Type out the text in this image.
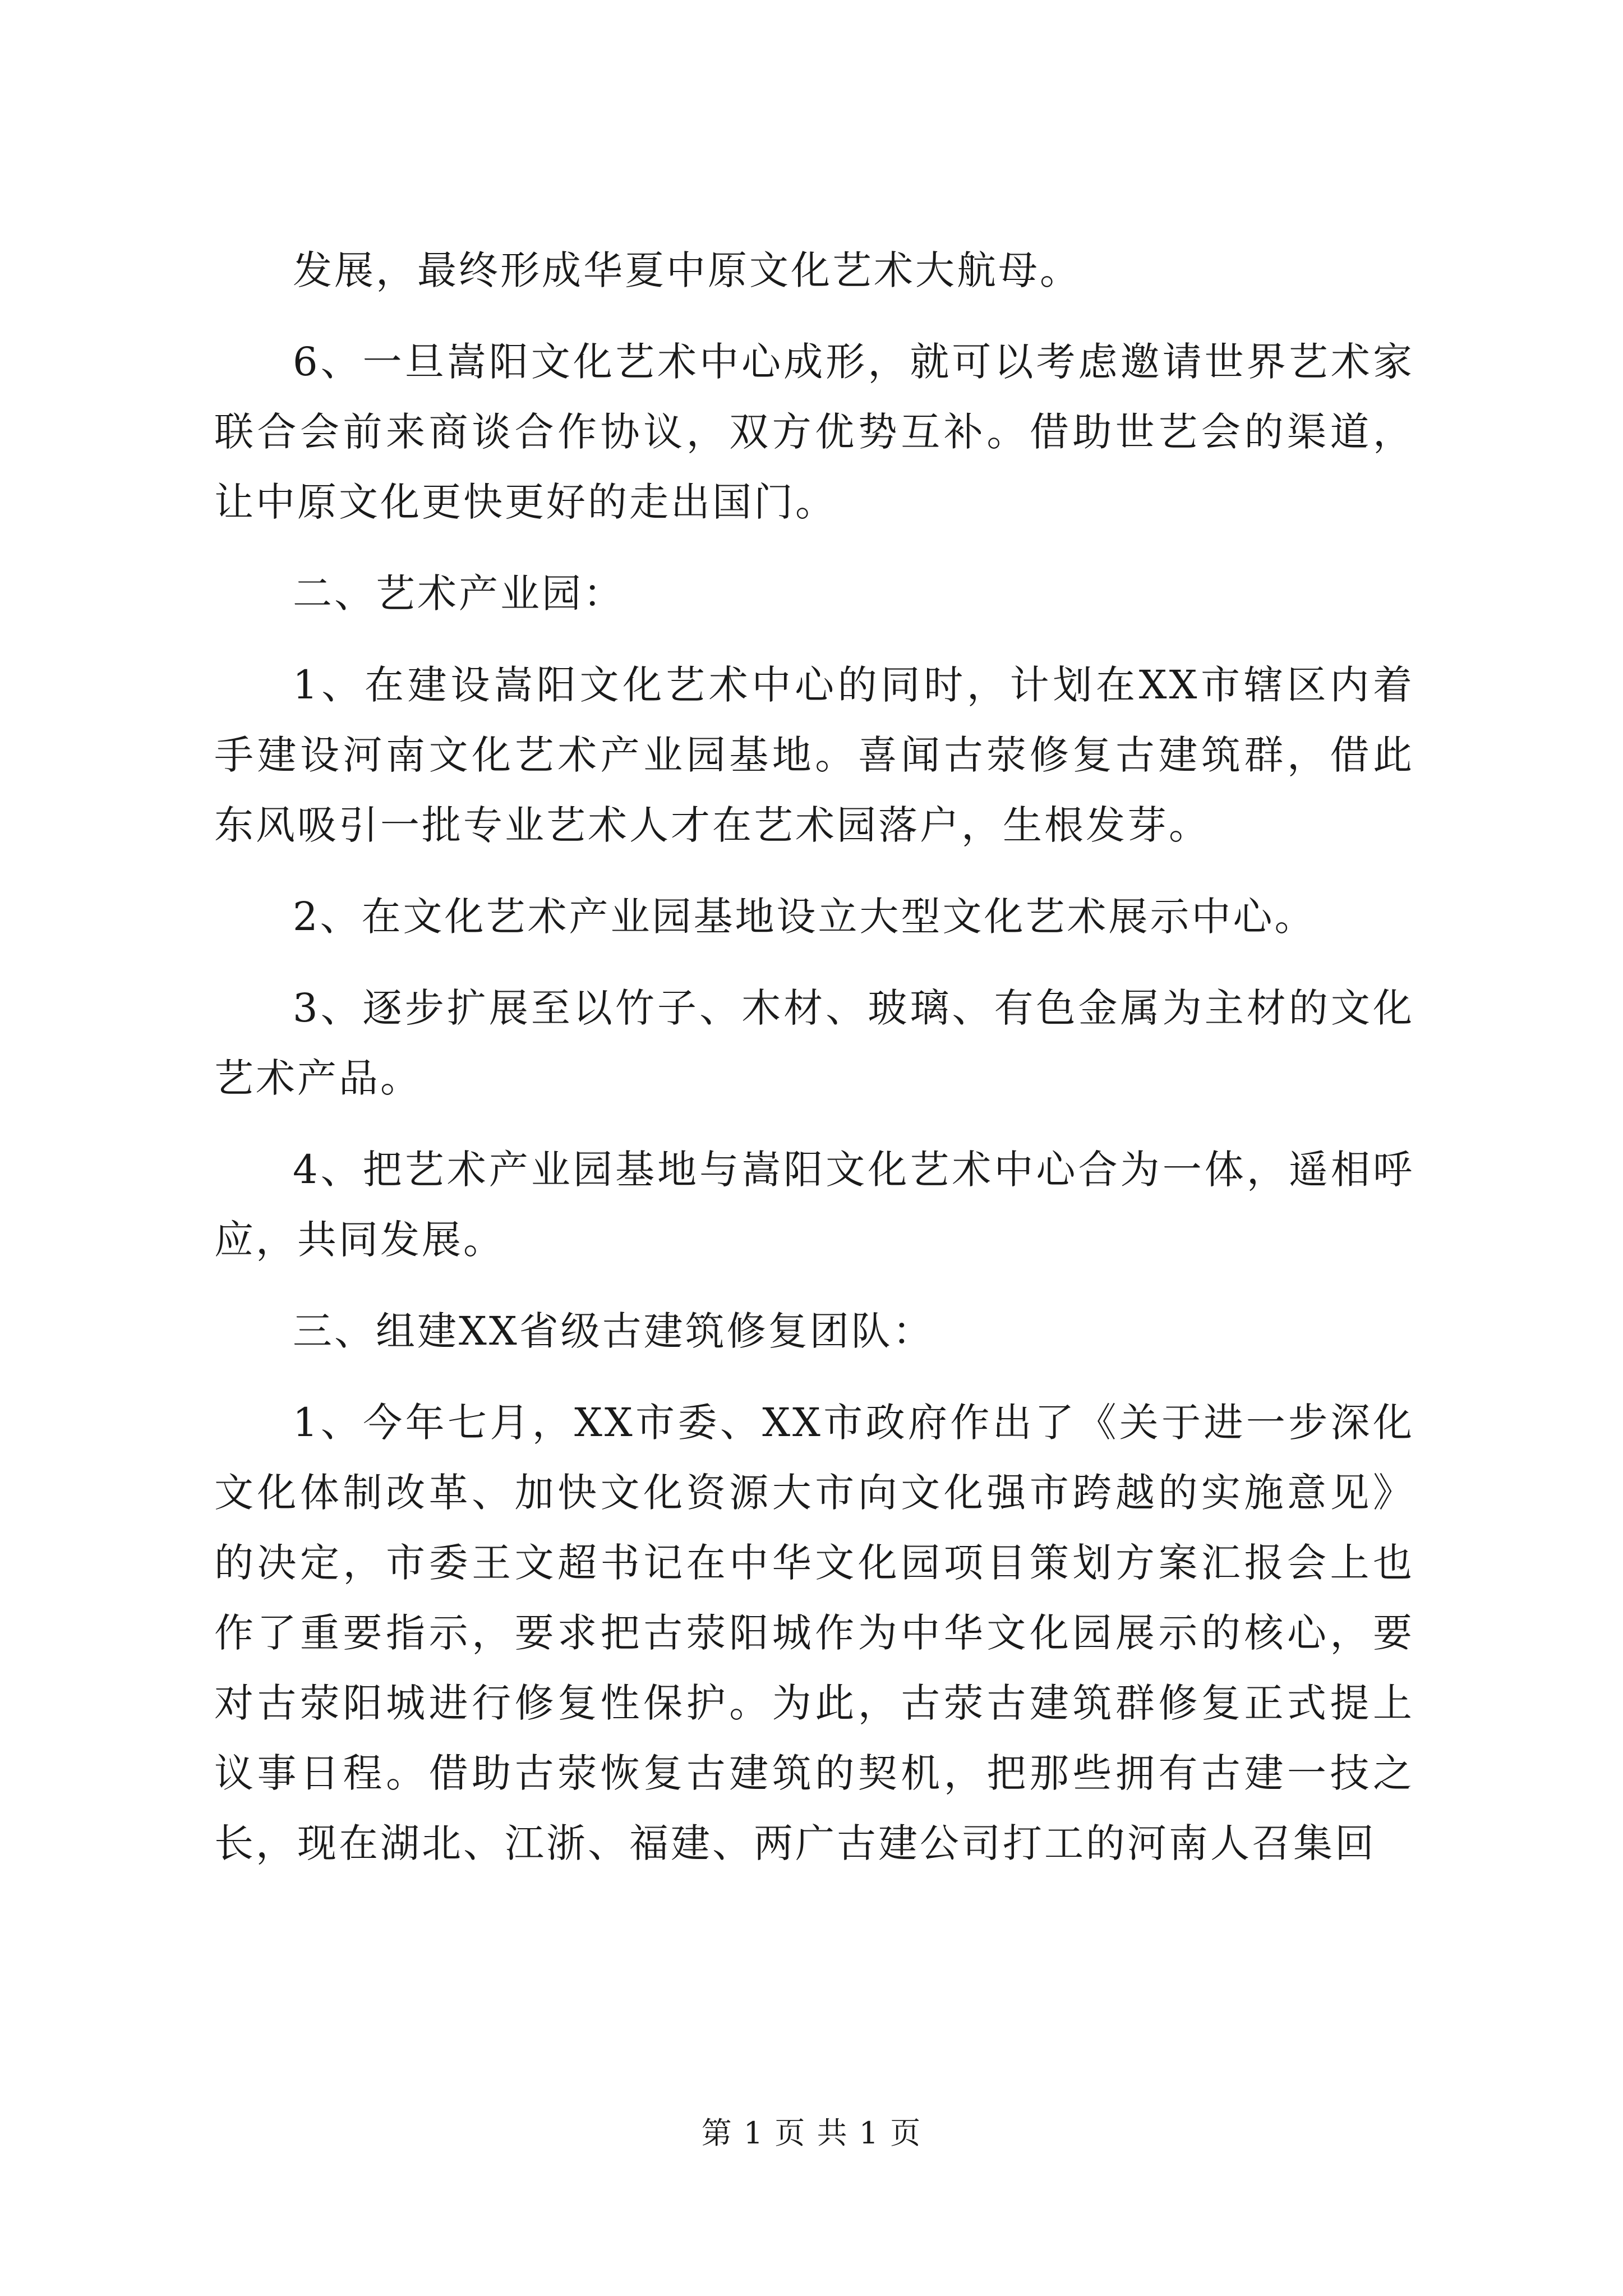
发展，最终形成华夏中原文化艺术大航母。

6、一旦嵩阳文化艺术中心成形，就可以考虑邀请世界艺术家联合会前来商谈合作协议，双方优势互补。借助世艺会的渠道，让中原文化更快更好的走出国门。

二、艺术产业园：

1、在建设嵩阳文化艺术中心的同时，计划在XX市辖区内着手建设河南文化艺术产业园基地。喜闻古荥修复古建筑群，借此东风吸引一批专业艺术人才在艺术园落户，生根发芽。

2、在文化艺术产业园基地设立大型文化艺术展示中心。

3、逐步扩展至以竹子、木材、玻璃、有色金属为主材的文化艺术产品。

4、把艺术产业园基地与嵩阳文化艺术中心合为一体，遥相呼应，共同发展。

三、组建XX省级古建筑修复团队：

1、今年七月，XX市委、XX市政府作出了《关于进一步深化文化体制改革、加快文化资源大市向文化强市跨越的实施意见》的决定，市委王文超书记在中华文化园项目策划方案汇报会上也作了重要指示，要求把古荥阳城作为中华文化园展示的核心，要对古荥阳城进行修复性保护。为此，古荥古建筑群修复正式提上议事日程。借助古荥恢复古建筑的契机，把那些拥有古建一技之长，现在湖北、江浙、福建、两广古建公司打工的河南人召集回

第 1 页 共 1 页
